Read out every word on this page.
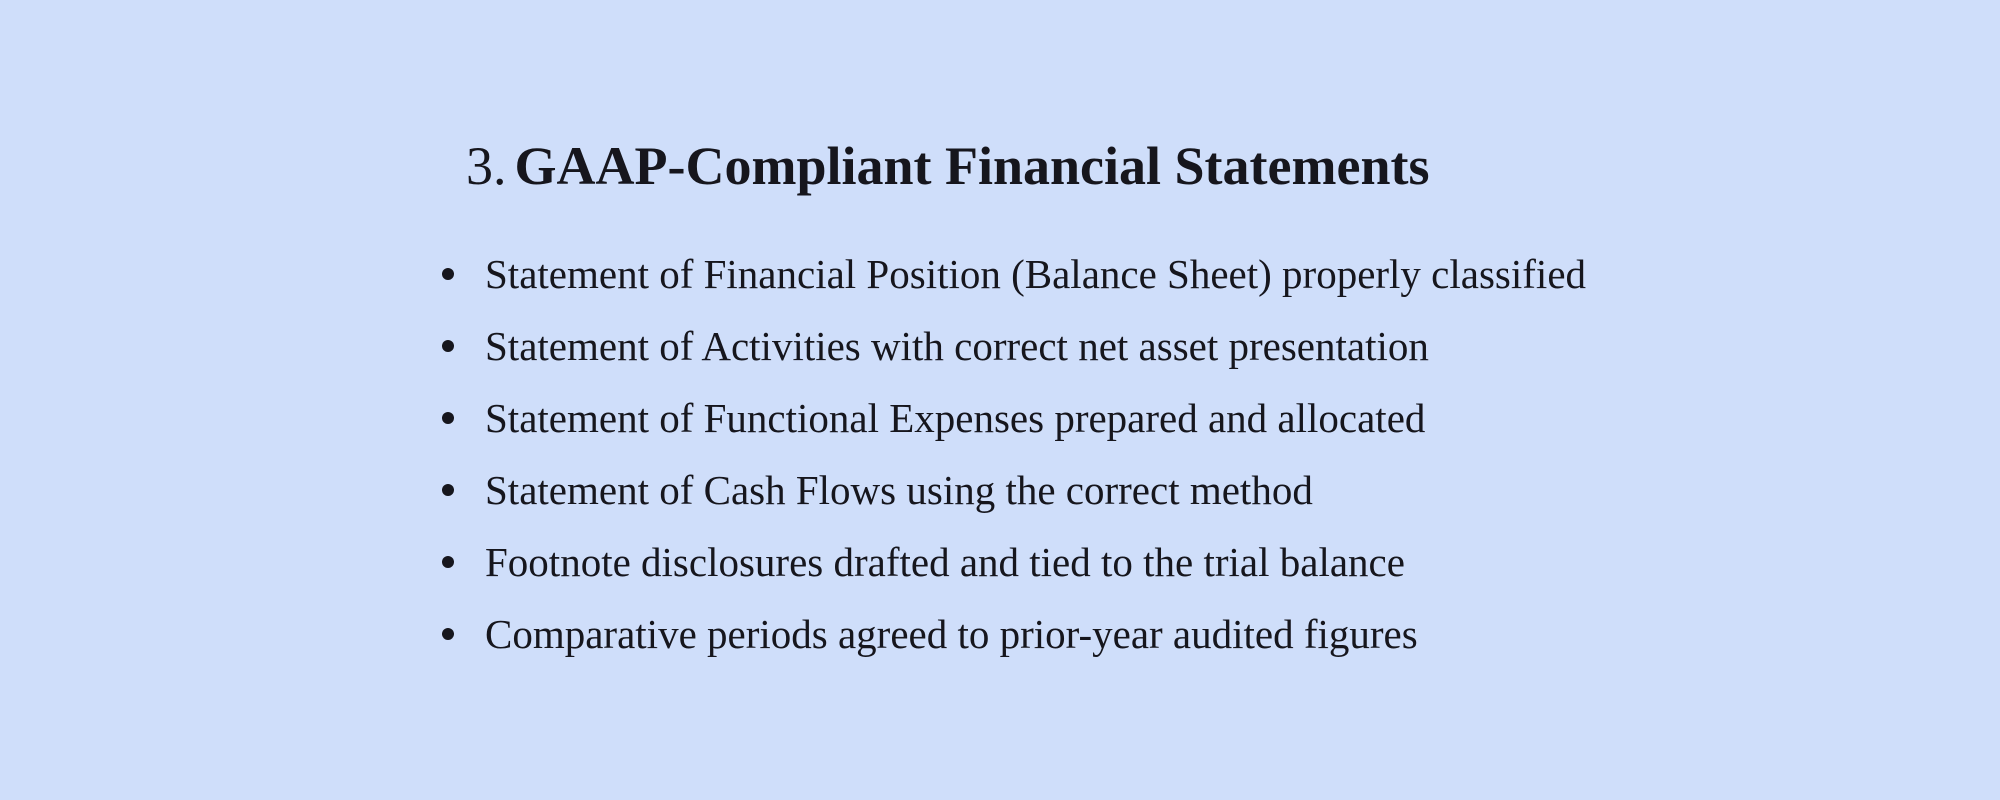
3. GAAP-Compliant Financial Statements
Statement of Financial Position (Balance Sheet) properly classified
Statement of Activities with correct net asset presentation
Statement of Functional Expenses prepared and allocated
Statement of Cash Flows using the correct method
Footnote disclosures drafted and tied to the trial balance
Comparative periods agreed to prior-year audited figures
